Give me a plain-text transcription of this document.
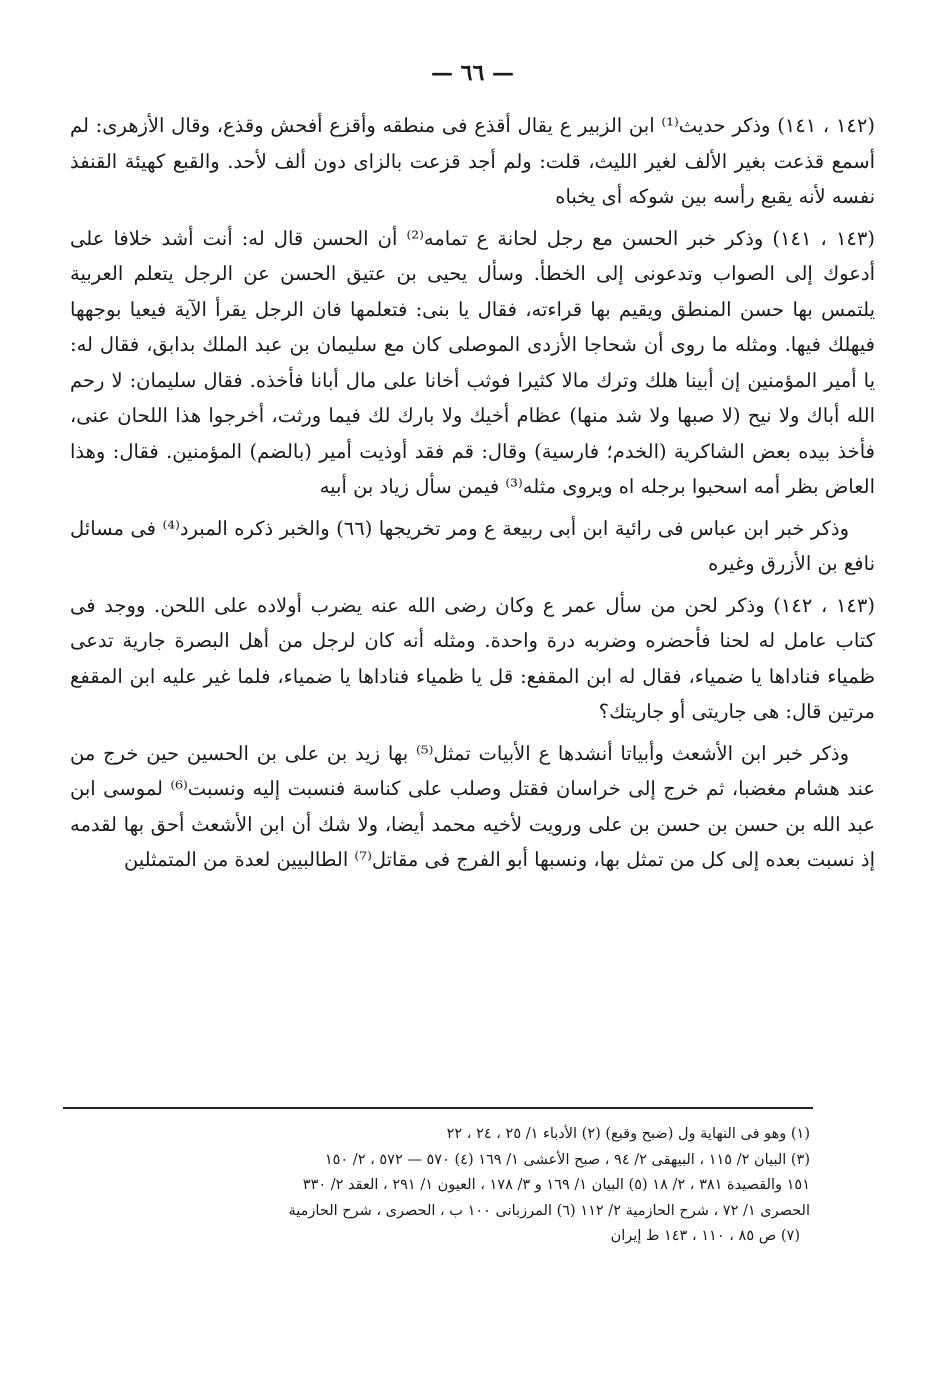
— ٦٦ —

(١٤٢ ، ١٤١) وذكر حديث⁽¹⁾ ابن الزبير ع يقال أقذع فى منطقه وأقزع أفحش وقذع، وقال الأزهرى: لم أسمع قذعت بغير الألف لغير الليث، قلت: ولم أجد قزعت بالزاى دون ألف لأحد. والقبع كهيئة القنفذ نفسه لأنه يقبع رأسه بين شوكه أى يخباه

(١٤٣ ، ١٤١) وذكر خبر الحسن مع رجل لحانة ع تمامه⁽²⁾ أن الحسن قال له: أنت أشد خلافا على أدعوك إلى الصواب وتدعونى إلى الخطأ. وسأل يحيى بن عتيق الحسن عن الرجل يتعلم العربية يلتمس بها حسن المنطق ويقيم بها قراءته، فقال يا بنى: فتعلمها فان الرجل يقرأ الآية فيعيا بوجهها فيهلك فيها. ومثله ما روى أن شحاجا الأزدى الموصلى كان مع سليمان بن عبد الملك بدابق، فقال له: يا أمير المؤمنين إن أبينا هلك وترك مالا كثيرا فوثب أخانا على مال أبانا فأخذه. فقال سليمان: لا رحم الله أباك ولا نيح (لا صبها ولا شد منها) عظام أخيك ولا بارك لك فيما ورثت، أخرجوا هذا اللحان عنى، فأخذ بيده بعض الشاكرية (الخدم؛ فارسية) وقال: قم فقد أوذيت أمير (بالضم) المؤمنين. فقال: وهذا العاض بظر أمه اسحبوا برجله اه ويروى مثله⁽³⁾ فيمن سأل زياد بن أبيه

وذكر خبر ابن عباس فى رائية ابن أبى ربيعة ع ومر تخريجها (٦٦) والخبر ذكره المبرد⁽⁴⁾ فى مسائل نافع بن الأزرق وغيره

(١٤٣ ، ١٤٢) وذكر لحن من سأل عمر ع وكان رضى الله عنه يضرب أولاده على اللحن. ووجد فى كتاب عامل له لحنا فأحضره وضربه درة واحدة. ومثله أنه كان لرجل من أهل البصرة جارية تدعى ظمياء فناداها يا ضمياء، فقال له ابن المقفع: قل يا ظمياء فناداها يا ضمياء، فلما غير عليه ابن المقفع مرتين قال: هى جاريتى أو جاريتك؟

وذكر خبر ابن الأشعث وأبياتا أنشدها ع الأبيات تمثل⁽⁵⁾ بها زيد بن على بن الحسين حين خرج من عند هشام مغضبا، ثم خرج إلى خراسان فقتل وصلب على كناسة فنسبت إليه ونسبت⁽⁶⁾ لموسى ابن عبد الله بن حسن بن حسن بن على ورويت لأخيه محمد أيضا، ولا شك أن ابن الأشعث أحق بها لقدمه إذ نسبت بعده إلى كل من تمثل بها، ونسبها أبو الفرج فى مقاتل⁽⁷⁾ الطالبيين لعدة من المتمثلين

(١) وهو فى النهاية ول (ضبح وقبع) (٢) الأدباء ١/ ٢٥ ، ٢٤ ، ٢٢
(٣) البيان ٢/ ١١٥ ، البيهقى ٢/ ٩٤ ، صبح الأعشى ١/ ١٦٩ (٤) ٥٧٠ — ٥٧٢ ، ٢/ ١٥٠
١٥١ والقصيدة ٣٨١ ، ٢/ ١٨ (٥) البيان ١/ ١٦٩ و ٣/ ١٧٨ ، العيون ١/ ٢٩١ ، العقد ٢/ ٣٣٠
الحصرى ١/ ٧٢ ، شرح الحازمية ٢/ ١١٢ (٦) المرزبانى ١٠٠ ب ، الحصرى ، شرح الحازمية
(٧) ص ٨٥ ، ١١٠ ، ١٤٣ ط إيران
